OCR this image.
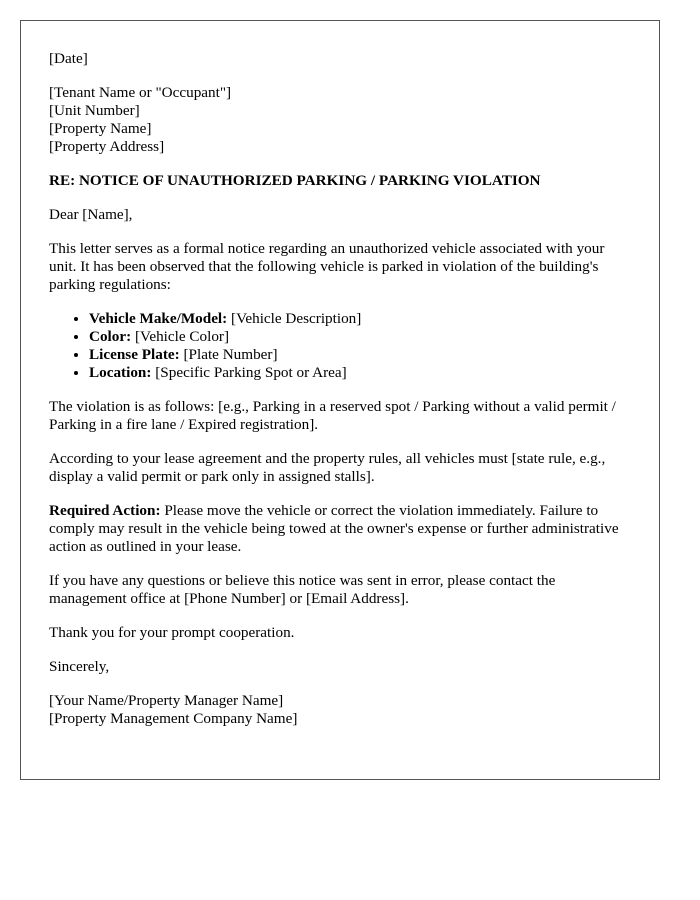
[Date]

[Tenant Name or "Occupant"]

[Unit Number]

[Property Name]

[Property Address]

RE: NOTICE OF UNAUTHORIZED PARKING / PARKING VIOLATION

Dear [Name],

This letter serves as a formal notice regarding an unauthorized vehicle associated with your unit. It has been observed that the following vehicle is parked in violation of the building's parking regulations:

• Vehicle Make/Model: [Vehicle Description]
• Color: [Vehicle Color]
• License Plate: [Plate Number]
• Location: [Specific Parking Spot or Area]

The violation is as follows: [e.g., Parking in a reserved spot / Parking without a valid permit / Parking in a fire lane / Expired registration].

According to your lease agreement and the property rules, all vehicles must [state rule, e.g., display a valid permit or park only in assigned stalls].

Required Action: Please move the vehicle or correct the violation immediately. Failure to comply may result in the vehicle being towed at the owner's expense or further administrative action as outlined in your lease.

If you have any questions or believe this notice was sent in error, please contact the management office at [Phone Number] or [Email Address].

Thank you for your prompt cooperation.

Sincerely,

[Your Name/Property Manager Name]

[Property Management Company Name]
